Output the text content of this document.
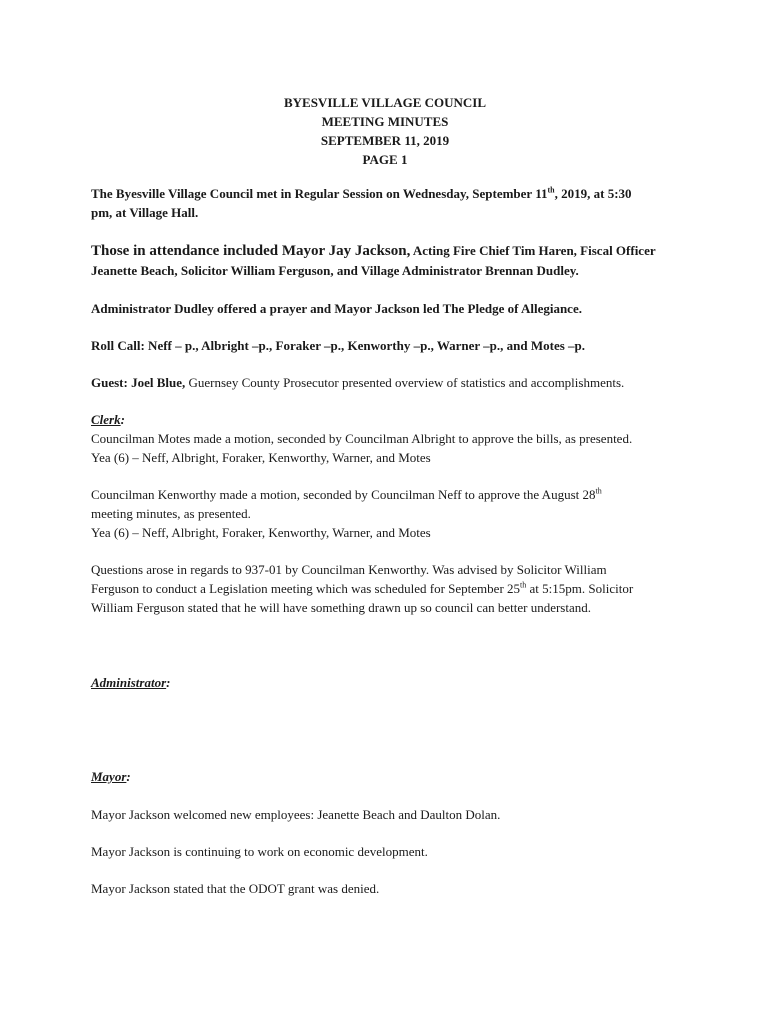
BYESVILLE VILLAGE COUNCIL
MEETING MINUTES
SEPTEMBER 11, 2019
PAGE 1
The Byesville Village Council met in Regular Session on Wednesday, September 11th, 2019, at 5:30
pm, at Village Hall.
Those in attendance included Mayor Jay Jackson, Acting Fire Chief Tim Haren, Fiscal Officer
Jeanette Beach, Solicitor William Ferguson, and Village Administrator Brennan Dudley.
Administrator Dudley offered a prayer and Mayor Jackson led The Pledge of Allegiance.
Roll Call: Neff – p., Albright –p., Foraker –p., Kenworthy –p., Warner –p., and Motes –p.
Guest: Joel Blue, Guernsey County Prosecutor presented overview of statistics and accomplishments.
Clerk:
Councilman Motes made a motion, seconded by Councilman Albright to approve the bills, as presented.
Yea (6) – Neff, Albright, Foraker, Kenworthy, Warner, and Motes
Councilman Kenworthy made a motion, seconded by Councilman Neff to approve the August 28th
meeting minutes, as presented.
Yea (6) – Neff, Albright, Foraker, Kenworthy, Warner, and Motes
Questions arose in regards to 937-01 by Councilman Kenworthy. Was advised by Solicitor William
Ferguson to conduct a Legislation meeting which was scheduled for September 25th at 5:15pm. Solicitor
William Ferguson stated that he will have something drawn up so council can better understand.
Administrator:
Mayor:
Mayor Jackson welcomed new employees: Jeanette Beach and Daulton Dolan.
Mayor Jackson is continuing to work on economic development.
Mayor Jackson stated that the ODOT grant was denied.
